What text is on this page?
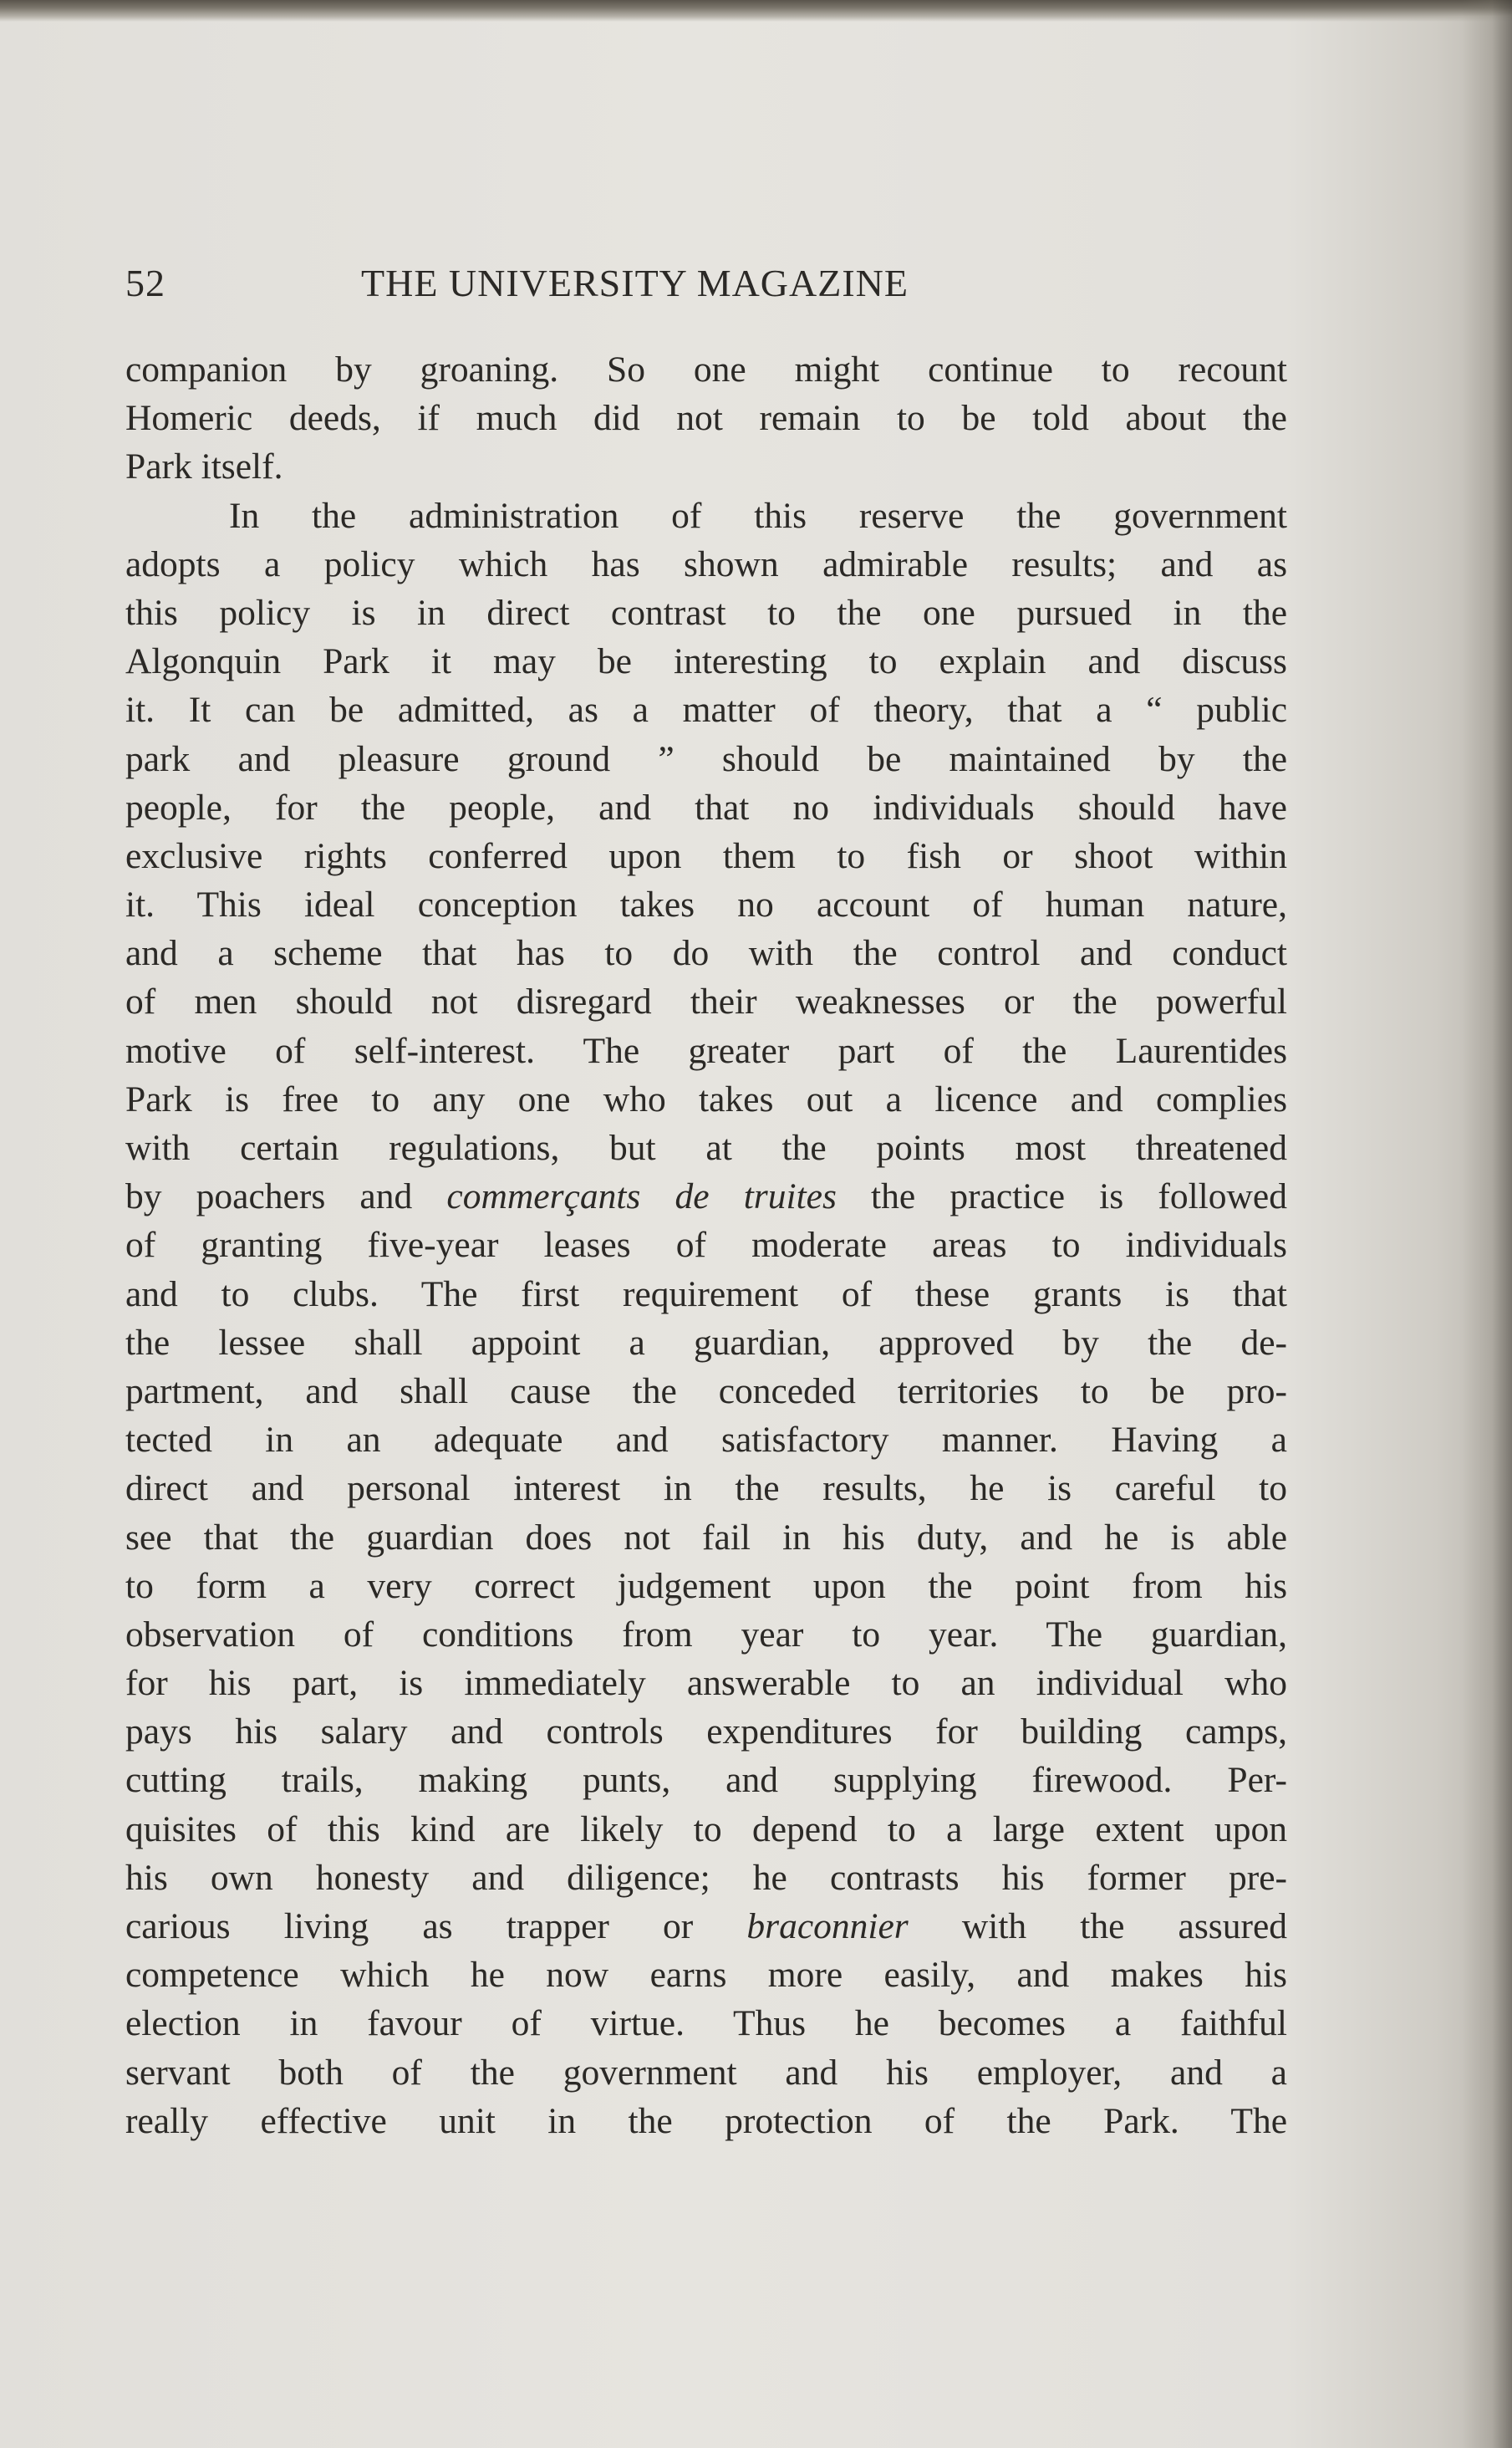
52	THE UNIVERSITY MAGAZINE
companion by groaning. So one might continue to recount
Homeric deeds, if much did not remain to be told about the
Park itself.
In the administration of this reserve the government
adopts a policy which has shown admirable results; and as
this policy is in direct contrast to the one pursued in the
Algonquin Park it may be interesting to explain and discuss
it. It can be admitted, as a matter of theory, that a “ public
park and pleasure ground ” should be maintained by the
people, for the people, and that no individuals should have
exclusive rights conferred upon them to fish or shoot within
it. This ideal conception takes no account of human nature,
and a scheme that has to do with the control and conduct
of men should not disregard their weaknesses or the powerful
motive of self-interest. The greater part of the Laurentides
Park is free to any one who takes out a licence and complies
with certain regulations, but at the points most threatened
by poachers and commerçants de truites the practice is followed
of granting five-year leases of moderate areas to individuals
and to clubs. The first requirement of these grants is that
the lessee shall appoint a guardian, approved by the de-
partment, and shall cause the conceded territories to be pro-
tected in an adequate and satisfactory manner. Having a
direct and personal interest in the results, he is careful to
see that the guardian does not fail in his duty, and he is able
to form a very correct judgement upon the point from his
observation of conditions from year to year. The guardian,
for his part, is immediately answerable to an individual who
pays his salary and controls expenditures for building camps,
cutting trails, making punts, and supplying firewood. Per-
quisites of this kind are likely to depend to a large extent upon
his own honesty and diligence; he contrasts his former pre-
carious living as trapper or braconnier with the assured
competence which he now earns more easily, and makes his
election in favour of virtue. Thus he becomes a faithful
servant both of the government and his employer, and a
really effective unit in the protection of the Park. The
